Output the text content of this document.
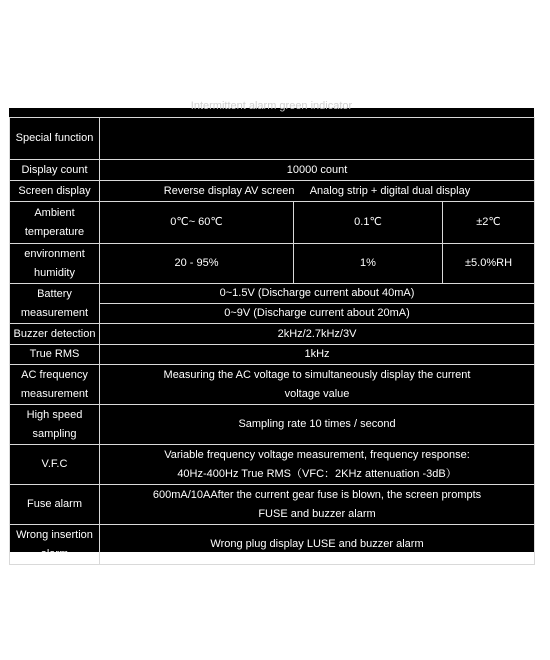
Intermittent alarm green indicator
Special function			
Display count	10000 count		
Screen display	Reverse display AV screen Analog strip + digital dual display		

Ambient
temperature	0℃~ 60℃	0.1℃	±2℃

environment
humidity	20 - 95%	1%	±5.0%RH

Battery
measurement	0~1.5V (Discharge current about 40mA)		
	0~9V (Discharge current about 20mA)		
Buzzer detection	2kHz/2.7kHz/3V		
True RMS	1kHz		

AC frequency
measurement	Measuring the AC voltage to simultaneously display the current
voltage value		

High speed
sampling	Sampling rate 10 times / second		
V.F.C	Variable frequency voltage measurement, frequency response:
40Hz-400Hz True RMS（VFC：2KHz attenuation -3dB）		

Fuse alarm	600mA/10AAfter the current gear fuse is blown, the screen prompts
FUSE and buzzer alarm		

Wrong insertion
alarm	Wrong plug display LUSE and buzzer alarm		
